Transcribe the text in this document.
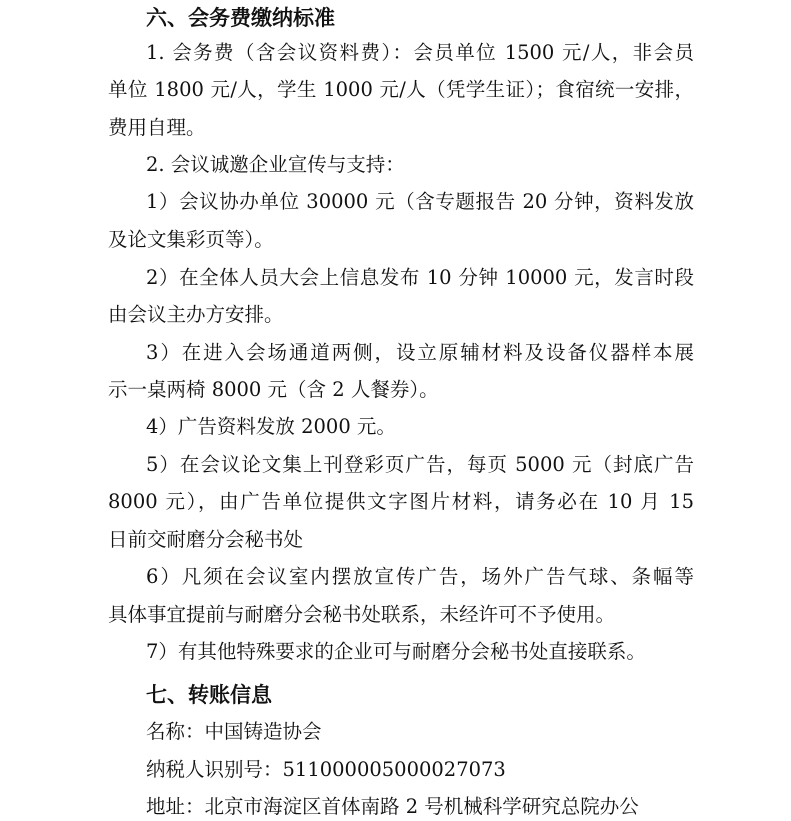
六、会务费缴纳标准
1. 会务费（含会议资料费）：会员单位 1500 元/人，非会员
单位 1800 元/人，学生 1000 元/人（凭学生证）；食宿统一安排，
费用自理。
2. 会议诚邀企业宣传与支持：
1）会议协办单位 30000 元（含专题报告 20 分钟，资料发放
及论文集彩页等）。
2）在全体人员大会上信息发布 10 分钟 10000 元，发言时段
由会议主办方安排。
3）在进入会场通道两侧，设立原辅材料及设备仪器样本展
示一桌两椅 8000 元（含 2 人餐券）。
4）广告资料发放 2000 元。
5）在会议论文集上刊登彩页广告，每页 5000 元（封底广告
8000 元），由广告单位提供文字图片材料，请务必在 10 月 15
日前交耐磨分会秘书处
6）凡须在会议室内摆放宣传广告，场外广告气球、条幅等
具体事宜提前与耐磨分会秘书处联系，未经许可不予使用。
7）有其他特殊要求的企业可与耐磨分会秘书处直接联系。
七、转账信息
名称：中国铸造协会
纳税人识别号：511000005000027073
地址：北京市海淀区首体南路 2 号机械科学研究总院办公
